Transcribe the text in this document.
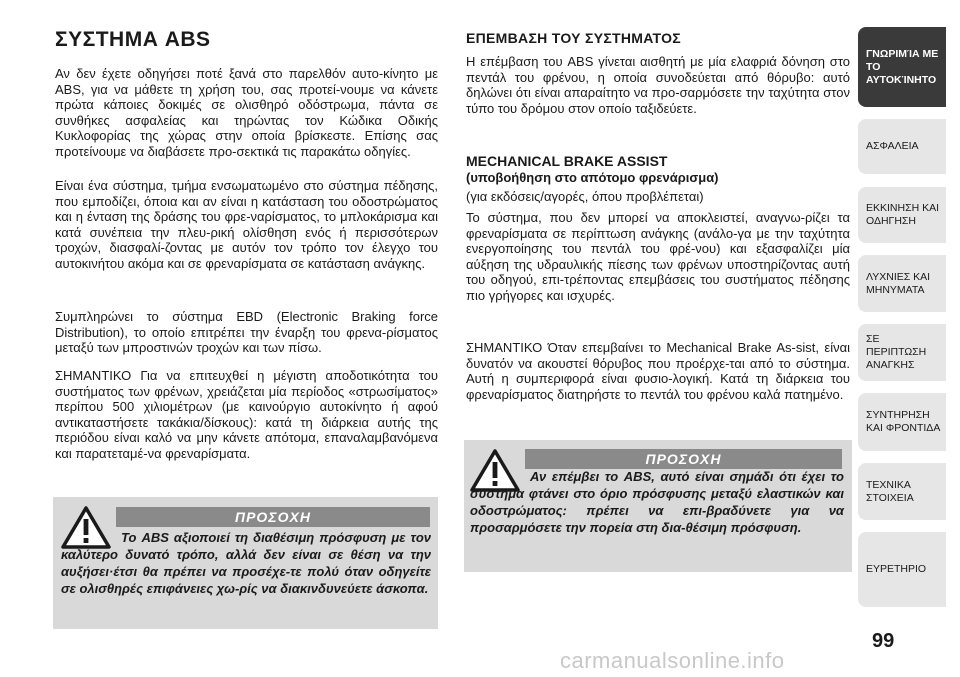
ΣΥΣΤΗΜΑ ABS

Αν δεν έχετε οδηγήσει ποτέ ξανά στο παρελθόν αυτο-κίνητο με ABS, για να μάθετε τη χρήση του, σας προτεί-νουμε να κάνετε πρώτα κάποιες δοκιμές σε ολισθηρό οδόστρωμα, πάντα σε συνθήκες ασφαλείας και τηρώντας τον Κώδικα Οδικής Κυκλοφορίας της χώρας στην οποία βρίσκεστε. Επίσης σας προτείνουμε να διαβάσετε προ-σεκτικά τις παρακάτω οδηγίες.

Είναι ένα σύστημα, τμήμα ενσωματωμένο στο σύστημα πέδησης, που εμποδίζει, όποια και αν είναι η κατάσταση του οδοστρώματος και η ένταση της δράσης του φρε-ναρίσματος, το μπλοκάρισμα και κατά συνέπεια την πλευ-ρική ολίσθηση ενός ή περισσότερων τροχών, διασφαλί-ζοντας με αυτόν τον τρόπο τον έλεγχο του αυτοκινήτου ακόμα και σε φρεναρίσματα σε κατάσταση ανάγκης.

Συμπληρώνει το σύστημα EBD (Electronic Braking force Distribution), το οποίο επιτρέπει την έναρξη του φρενα-ρίσματος μεταξύ των μπροστινών τροχών και των πίσω.

ΣΗΜΑΝΤΙΚΟ Για να επιτευχθεί η μέγιστη αποδοτικότητα του συστήματος των φρένων, χρειάζεται μία περίοδος «στρωσίματος» περίπου 500 χιλιομέτρων (με καινούργιο αυτοκίνητο ή αφού αντικαταστήσετε τακάκια/δίσκους): κατά τη διάρκεια αυτής της περιόδου είναι καλό να μην κάνετε απότομα, επαναλαμβανόμενα και παρατεταμέ-να φρεναρίσματα.

ΠΡΟΣΟΧΗ
Το ABS αξιοποιεί τη διαθέσιμη πρόσφυση με τον καλύτερο δυνατό τρόπο, αλλά δεν είναι σε θέση να την αυξήσει·έτσι θα πρέπει να προσέχε-τε πολύ όταν οδηγείτε σε ολισθηρές επιφάνειες χω-ρίς να διακινδυνεύετε άσκοπα.
ΕΠΕΜΒΑΣΗ ΤΟΥ ΣΥΣΤΗΜΑΤΟΣ

Η επέμβαση του ABS γίνεται αισθητή με μία ελαφριά δόνηση στο πεντάλ του φρένου, η οποία συνοδεύεται από θόρυβο: αυτό δηλώνει ότι είναι απαραίτητο να προ-σαρμόσετε την ταχύτητα στον τύπο του δρόμου στον οποίο ταξιδεύετε.

MECHANICAL BRAKE ASSIST
(υποβοήθηση στο απότομο φρενάρισμα)
(για εκδόσεις/αγορές, όπου προβλέπεται)

Το σύστημα, που δεν μπορεί να αποκλειστεί, αναγνω-ρίζει τα φρεναρίσματα σε περίπτωση ανάγκης (ανάλο-γα με την ταχύτητα ενεργοποίησης του πεντάλ του φρέ-νου) και εξασφαλίζει μία αύξηση της υδραυλικής πίεσης των φρένων υποστηρίζοντας αυτή του οδηγού, επι-τρέποντας επεμβάσεις του συστήματος πέδησης πιο γρήγορες και ισχυρές.

ΣΗΜΑΝΤΙΚΟ Όταν επεμβαίνει το Mechanical Brake As-sist, είναι δυνατόν να ακουστεί θόρυβος που προέρχε-ται από το σύστημα. Αυτή η συμπεριφορά είναι φυσιο-λογική. Κατά τη διάρκεια του φρεναρίσματος διατηρήστε το πεντάλ του φρένου καλά πατημένο.

ΠΡΟΣΟΧΗ
Αν επέμβει το ABS, αυτό είναι σημάδι ότι έχει το σύστημα φτάνει στο όριο πρόσφυσης μεταξύ ελαστικών και οδοστρώματος: πρέπει να επι-βραδύνετε για να προσαρμόσετε την πορεία στη δια-θέσιμη πρόσφυση.
ΓΝΩΡΙΜΊΑ ΜΕ ΤΟ ΑΥΤΟΚΊΝΗΤΟ
ΑΣΦΑΛΕΙΑ
ΕΚΚΙΝΗΣΗ ΚΑΙ ΟΔΗΓΗΣΗ
ΛΥΧΝΙΕΣ ΚΑΙ ΜΗΝΥΜΑΤΑ
ΣΕ ΠΕΡΙΠΤΩΣΗ ΑΝΑΓΚΗΣ
ΣΥΝΤΗΡΗΣΗ ΚΑΙ ΦΡΟΝΤΙΔΑ
ΤΕΧΝΙΚΑ ΣΤΟΙΧΕΙΑ
ΕΥΡΕΤΗΡΙΟ
99
carmanualsonline.info
